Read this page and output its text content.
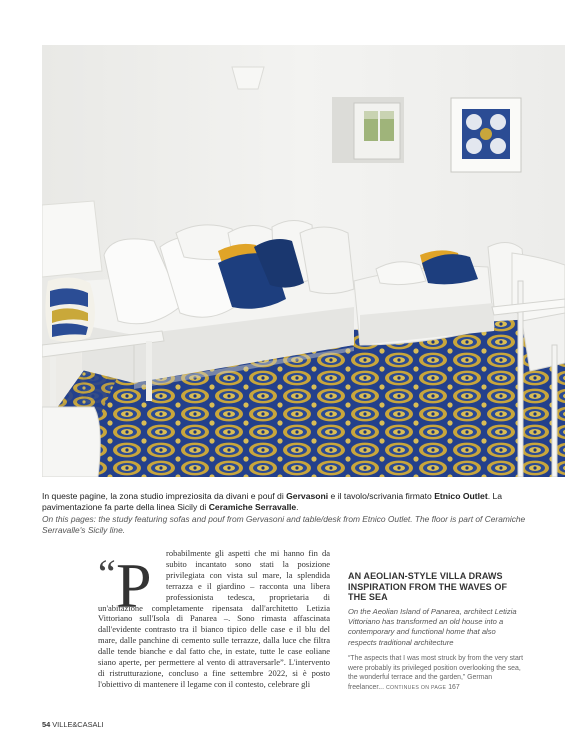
In queste pagine, la zona studio impreziosita da divani e pouf di Gervasoni e il tavolo/scrivania firmato Etnico Outlet. La pavimentazione fa parte della linea Sicily di Ceramiche Serravalle.

On this pages: the study featuring sofas and pouf from Gervasoni and table/desk from Etnico Outlet. The floor is part of Ceramiche Serravalle's Sicily line.

“ P	robabilmente gli aspetti che mi hanno fin da subito incantato sono stati la posizione privilegiata con vista sul mare, la splendida terrazza e il giardino – racconta una libera professionista tedesca, proprietaria di un'abitazione completamente ripensata dall'architetto Letizia Vittoriano sull'Isola di Panarea –. Sono rimasta affascinata dall'evidente contrasto tra il bianco tipico delle case e il blu del mare, dalle panchine di cemento sulle terrazze, dalla luce che filtra dalle tende bianche e dal fatto che, in estate, tutte le case eoliane siano aperte, per permettere al vento di attraversarle”. L'intervento di ristrutturazione, concluso a fine settembre 2022, si è posto l'obiettivo di mantenere il legame con il contesto, celebrare gli

AN AEOLIAN-STYLE VILLA DRAWS INSPIRATION FROM THE WAVES OF THE SEA

On the Aeolian Island of Panarea, architect Letizia Vittoriano has transformed an old house into a contemporary and functional home that also respects traditional architecture

“The aspects that I was most struck by from the very start were probably its privileged position overlooking the sea, the wonderful terrace and the garden,” German freelancer... CONTINUES ON PAGE 167

54 VILLE&CASALI
